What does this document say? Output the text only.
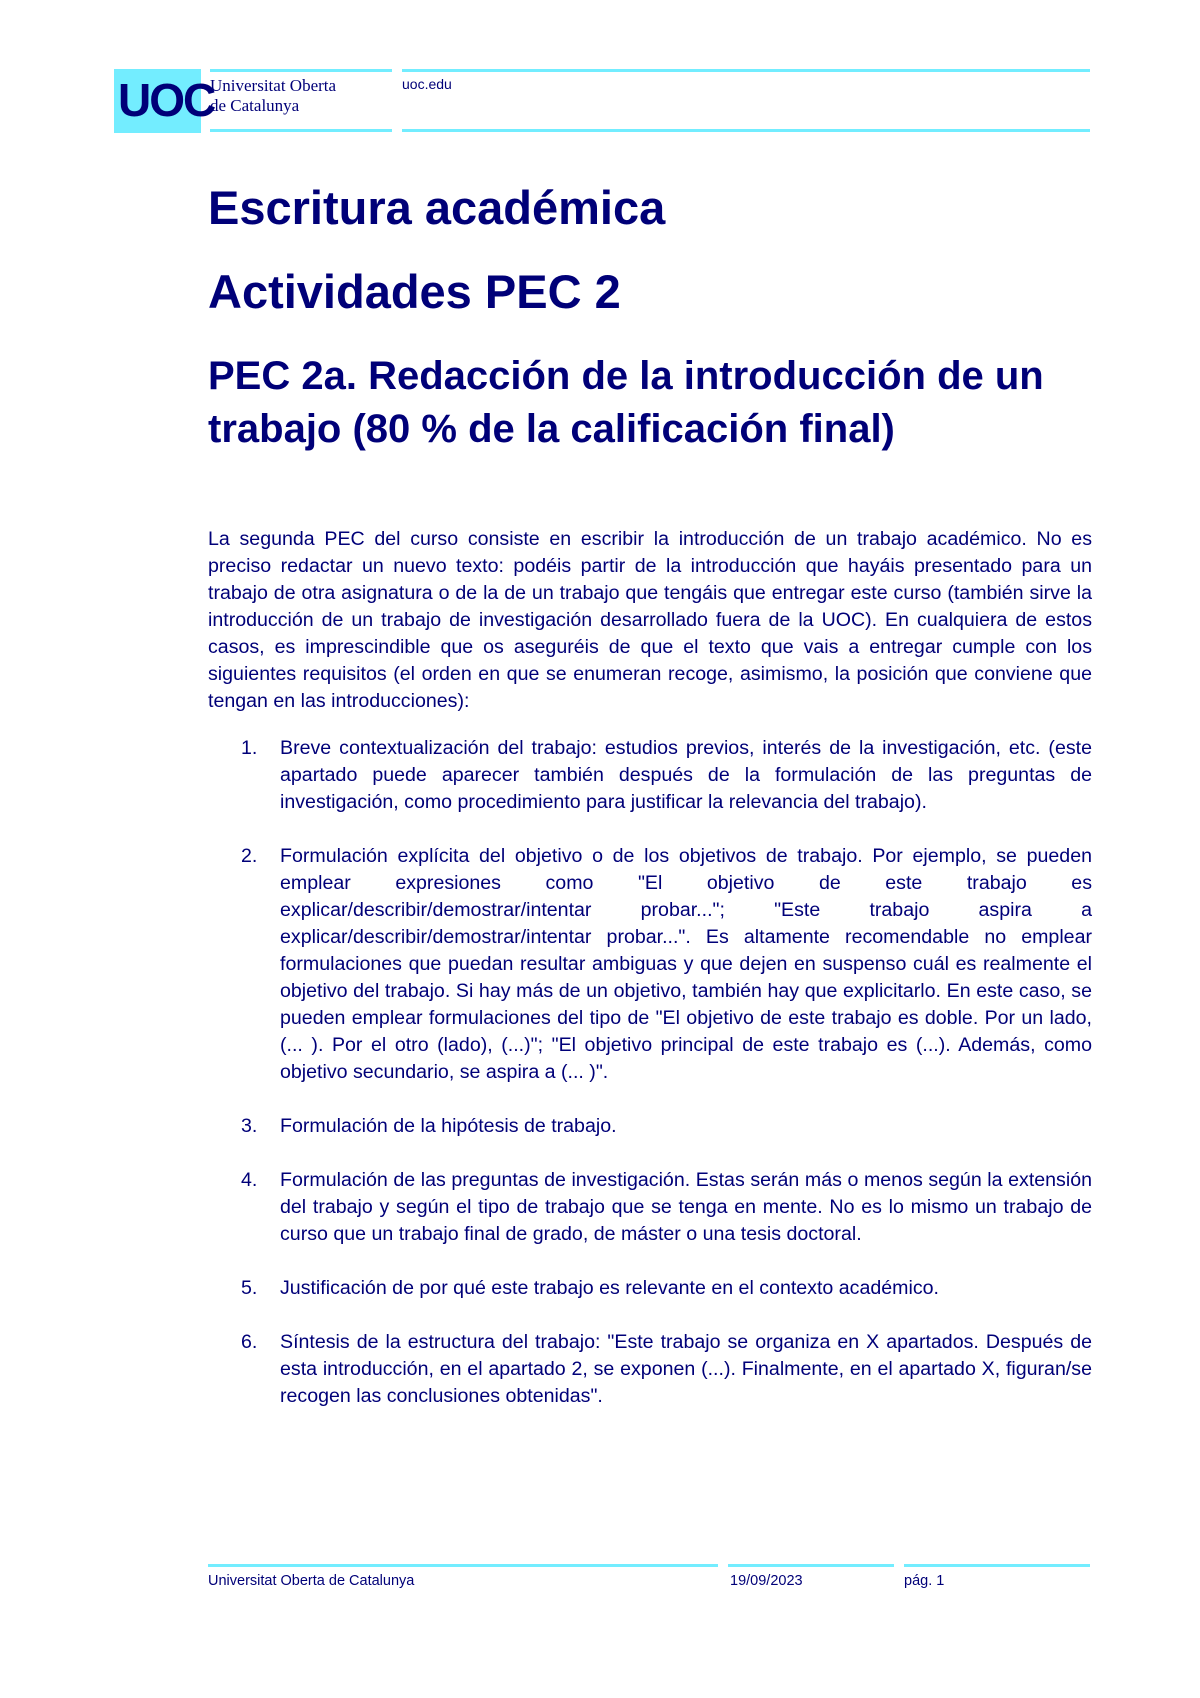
UOC
Universitat Oberta
de Catalunya
uoc.edu
Escritura académica
Actividades PEC 2
PEC 2a. Redacción de la introducción de un trabajo (80 % de la calificación final)

La segunda PEC del curso consiste en escribir la introducción de un trabajo académico. No es preciso redactar un nuevo texto: podéis partir de la introducción que hayáis presentado para un trabajo de otra asignatura o de la de un trabajo que tengáis que entregar este curso (también sirve la introducción de un trabajo de investigación desarrollado fuera de la UOC). En cualquiera de estos casos, es imprescindible que os aseguréis de que el texto que vais a entregar cumple con los siguientes requisitos (el orden en que se enumeran recoge, asimismo, la posición que conviene que tengan en las introducciones):

1. Breve contextualización del trabajo: estudios previos, interés de la investigación, etc. (este apartado puede aparecer también después de la formulación de las preguntas de investigación, como procedimiento para justificar la relevancia del trabajo).
2. Formulación explícita del objetivo o de los objetivos de trabajo. Por ejemplo, se pueden emplear expresiones como "El objetivo de este trabajo es explicar/describir/demostrar/intentar probar..."; "Este trabajo aspira a explicar/describir/demostrar/intentar probar...". Es altamente recomendable no emplear formulaciones que puedan resultar ambiguas y que dejen en suspenso cuál es realmente el objetivo del trabajo. Si hay más de un objetivo, también hay que explicitarlo. En este caso, se pueden emplear formulaciones del tipo de "El objetivo de este trabajo es doble. Por un lado, (... ). Por el otro (lado), (...)"; "El objetivo principal de este trabajo es (...). Además, como objetivo secundario, se aspira a (... )".
3. Formulación de la hipótesis de trabajo.
4. Formulación de las preguntas de investigación. Estas serán más o menos según la extensión del trabajo y según el tipo de trabajo que se tenga en mente. No es lo mismo un trabajo de curso que un trabajo final de grado, de máster o una tesis doctoral.
5. Justificación de por qué este trabajo es relevante en el contexto académico.
6. Síntesis de la estructura del trabajo: "Este trabajo se organiza en X apartados. Después de esta introducción, en el apartado 2, se exponen (...). Finalmente, en el apartado X, figuran/se recogen las conclusiones obtenidas".
Universitat Oberta de Catalunya	19/09/2023	pág. 1
